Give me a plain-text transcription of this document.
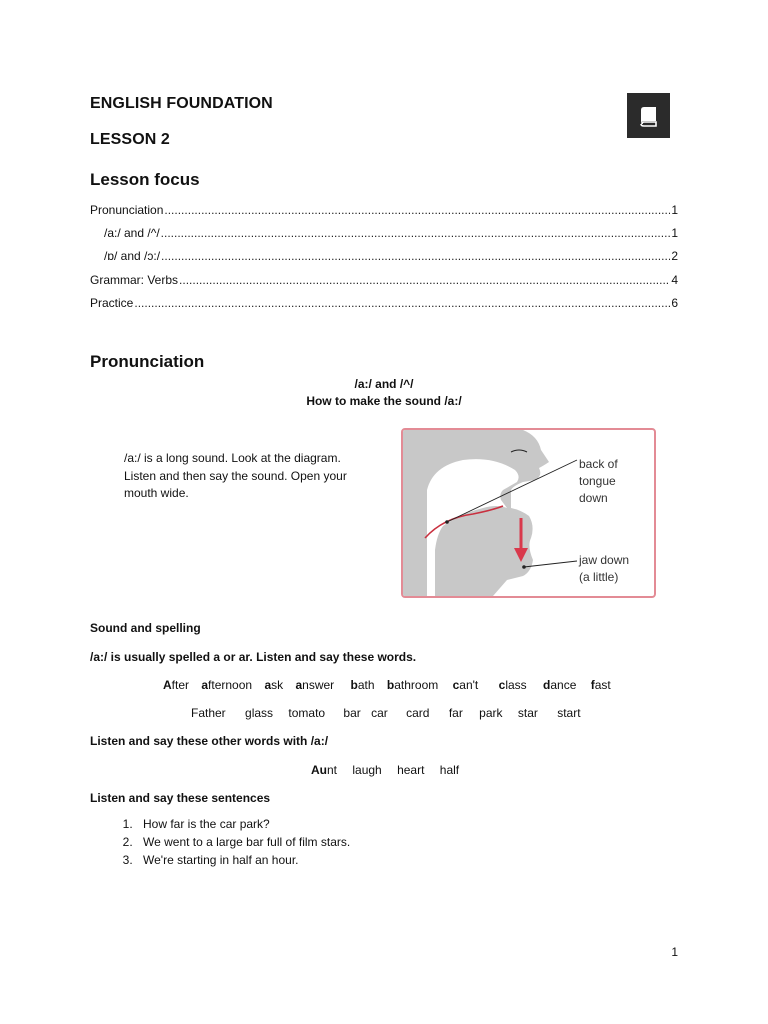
ENGLISH FOUNDATION
LESSON 2
Lesson focus
Pronunciation .....	1
/a:/ and /^/ .....	1
/ɒ/ and /ɔ:/ .....	2
Grammar: Verbs .....	4
Practice .....	6
Pronunciation
/a:/ and /^/
How to make the sound /a:/
/a:/ is a long sound. Look at the diagram. Listen and then say the sound. Open your mouth wide.
back of
tongue
down
jaw down
(a little)
Sound and spelling
/a:/ is usually spelled a or ar. Listen and say these words.
After afternoon ask answer bath bathroom can't class dance fast
Father glass tomato bar car card far park star start
Listen and say these other words with /a:/
Aunt laugh heart half
Listen and say these sentences
1. How far is the car park?
2. We went to a large bar full of film stars.
3. We're starting in half an hour.
1
